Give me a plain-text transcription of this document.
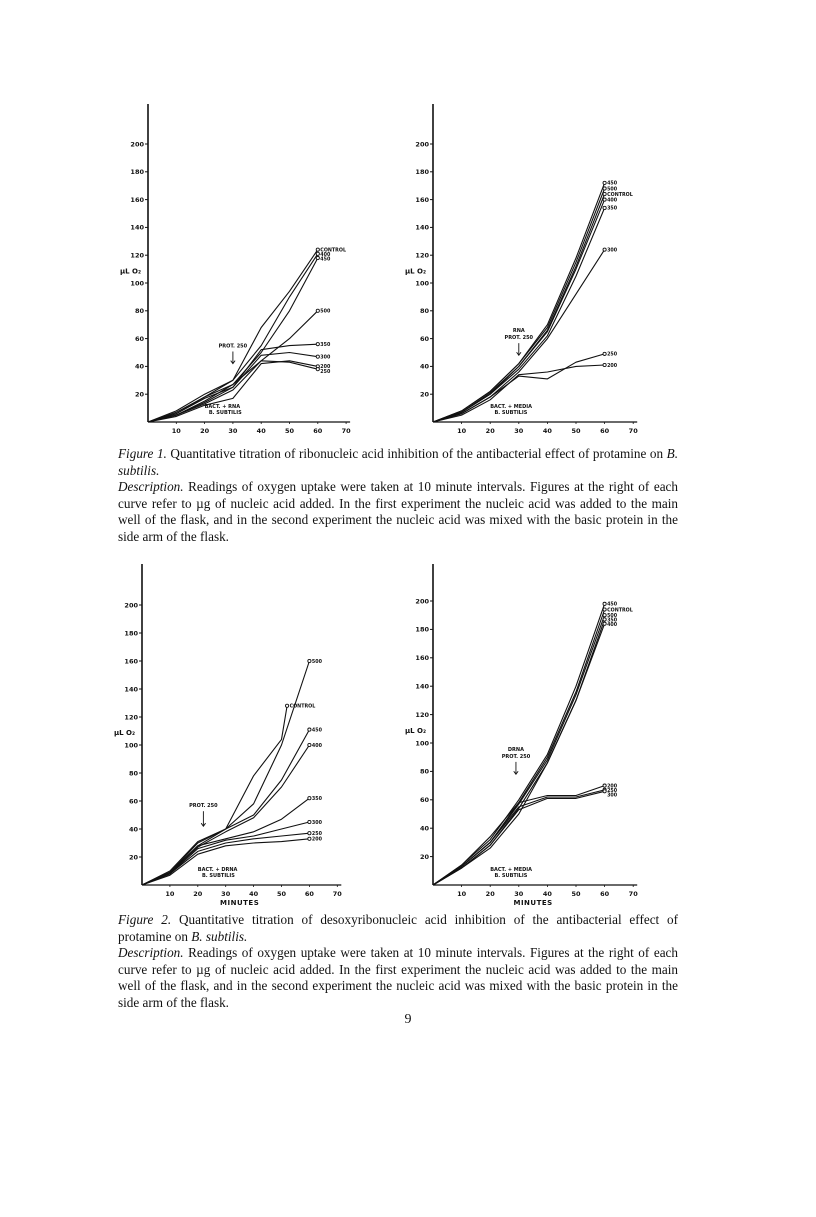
20
40
60
80
100
120
140
160
180
200
10	20	30	40	50	60	70
µL O₂
CONTROL
400
450
500
350
300
200
250
PROT. 250
BACT. + RNA
B. SUBTILIS
20
40
60
80
100
120
140
160
180
200
10	20	30	40	50	60	70
µL O₂
450
500
CONTROL
400
350
300
250
200
RNA
PROT. 250
BACT. + MEDIA
B. SUBTILIS

Figure 1. Quantitative titration of ribonucleic acid inhibition of the antibacterial effect of protamine on B. subtilis.

Description. Readings of oxygen uptake were taken at 10 minute intervals. Figures at the right of each curve refer to µg of nucleic acid added. In the first experiment the nucleic acid was added to the main well of the flask, and in the second experiment the nucleic acid was mixed with the basic protein in the side arm of the flask.

20
40
60
80
100
120
140
160
180
200
10	20	30	40	50	60	70
µL O₂
MINUTES
500
CONTROL
450
400
350
300
250
200
PROT. 250
BACT. + DRNA
B. SUBTILIS
20
40
60
80
100
120
140
160
180
200
10	20	30	40	50	60	70
µL O₂
MINUTES
450
CONTROL
500
350
400
200
250
300
DRNA
PROT. 250
BACT. + MEDIA
B. SUBTILIS

Figure 2. Quantitative titration of desoxyribonucleic acid inhibition of the antibacterial effect of protamine on B. subtilis.

Description. Readings of oxygen uptake were taken at 10 minute intervals. Figures at the right of each curve refer to µg of nucleic acid added. In the first experiment the nucleic acid was added to the main well of the flask, and in the second experiment the nucleic acid was mixed with the basic protein in the side arm of the flask.

9
